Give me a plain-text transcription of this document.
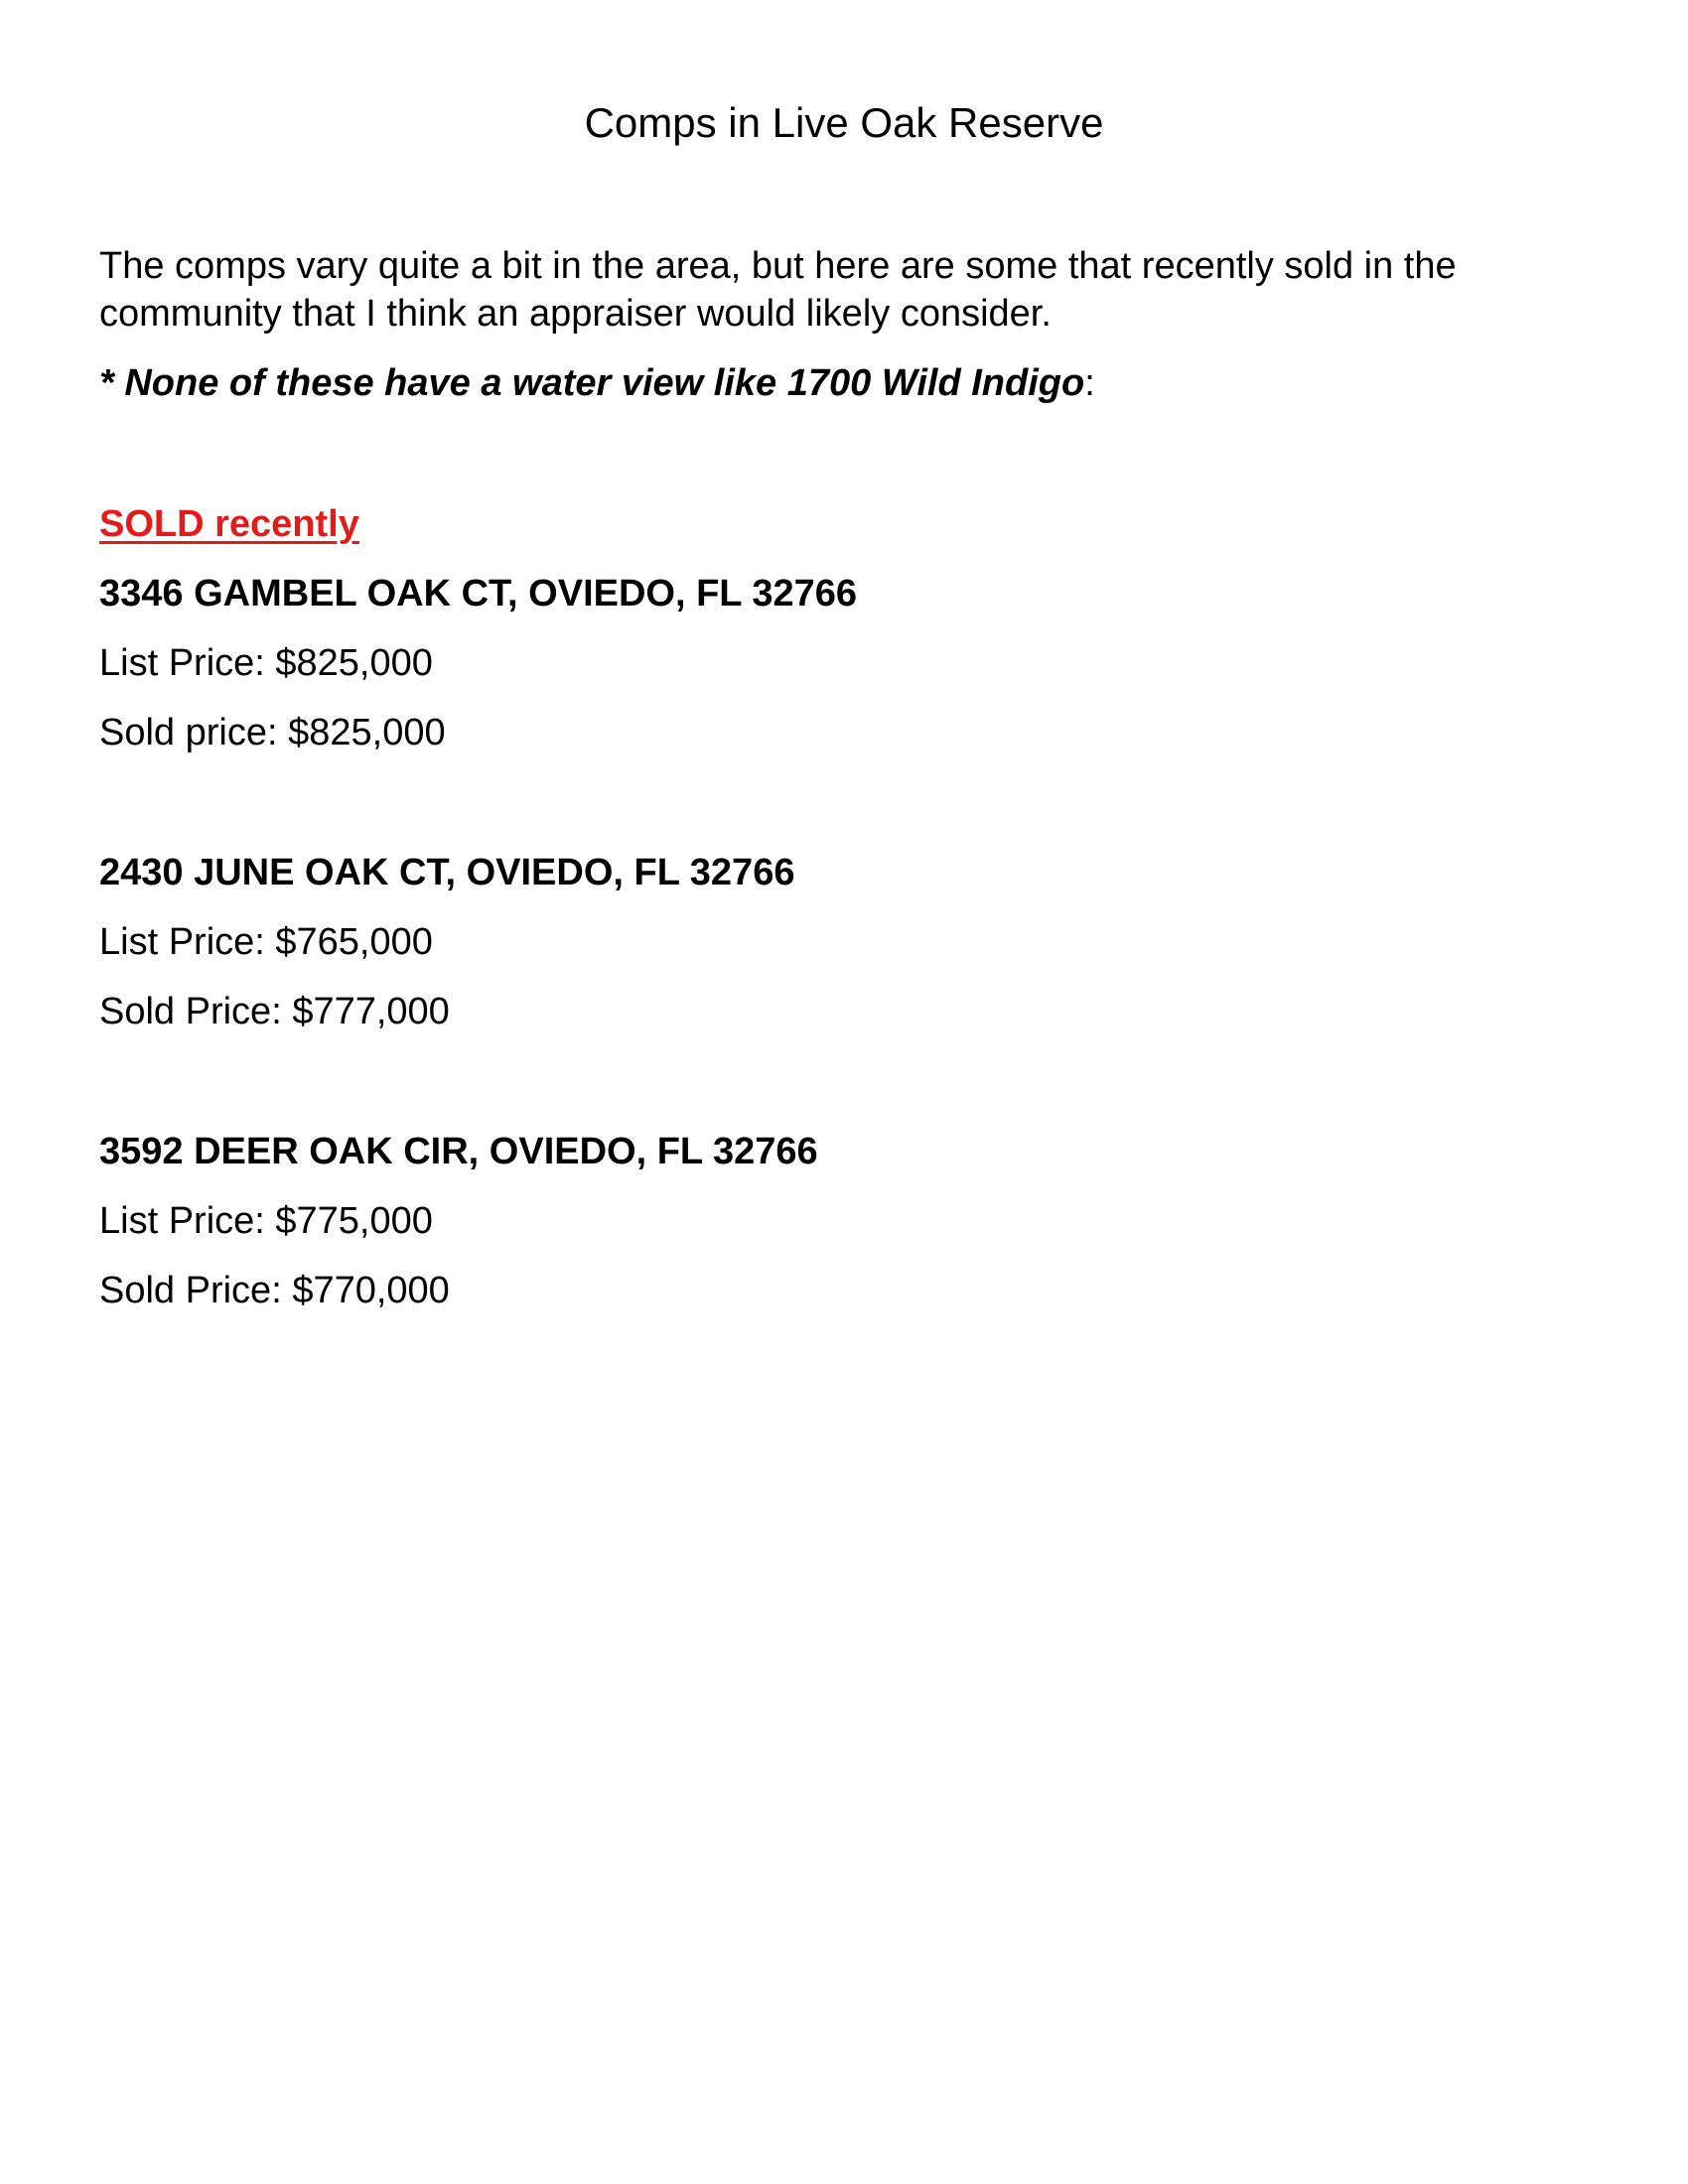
Comps in Live Oak Reserve

The comps vary quite a bit in the area, but here are some that recently sold in the community that I think an appraiser would likely consider.

* None of these have a water view like 1700 Wild Indigo:

SOLD recently

3346 GAMBEL OAK CT, OVIEDO, FL 32766

List Price: $825,000

Sold price: $825,000

2430 JUNE OAK CT, OVIEDO, FL 32766

List Price: $765,000

Sold Price: $777,000

3592 DEER OAK CIR, OVIEDO, FL 32766

List Price: $775,000

Sold Price: $770,000
